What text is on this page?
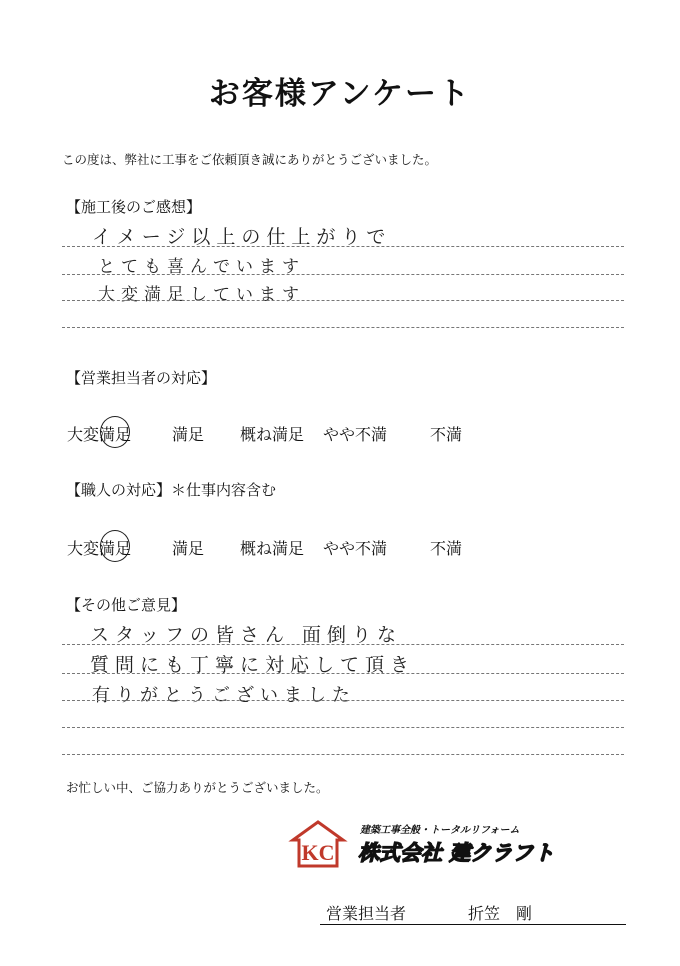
お客様アンケート
この度は、弊社に工事をご依頼頂き誠にありがとうございました。
【施工後のご感想】
イメージ以上の仕上がりで
とても喜んでいます
大変満足しています
【営業担当者の対応】
大変満足	満足 概ね満足 やや不満	不満
【職人の対応】＊仕事内容含む
大変満足	満足 概ね満足 やや不満	不満
【その他ご意見】
スタッフの皆さん 面倒りな
質問にも丁寧に対応して頂き
有りがとうございました
お忙しい中、ご協力ありがとうございました。
KC
建築工事全般・トータルリフォーム
株式会社 建クラフト
営業担当者	折笠　剛
